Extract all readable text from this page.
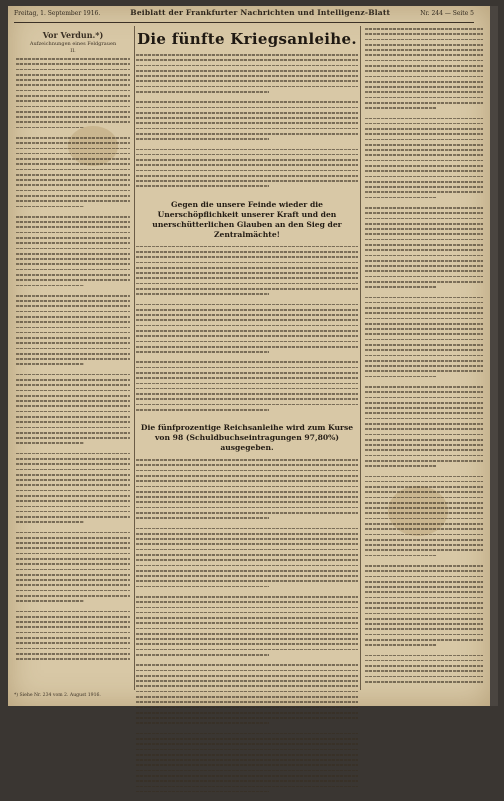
Freitag, 1. September 1916.	Beiblatt der Frankfurter Nachrichten und Intelligenz-Blatt	Nr. 244 — Seite 5
Vor Verdun.*)
Aufzeichnungen eines Feldgrauen
II.
Die fünfte Kriegsanleihe.
Gegen die unsere Feinde wieder die Unerschöpflichkeit unserer Kraft und den unerschütterlichen Glauben an den Sieg der Zentralmächte!
Die fünfprozentige Reichsanleihe wird zum Kurse von 98 (Schuldbuchseintragungen 97,80%) ausgegeben.
*) Siehe Nr. 234 vom 2. August 1916.
